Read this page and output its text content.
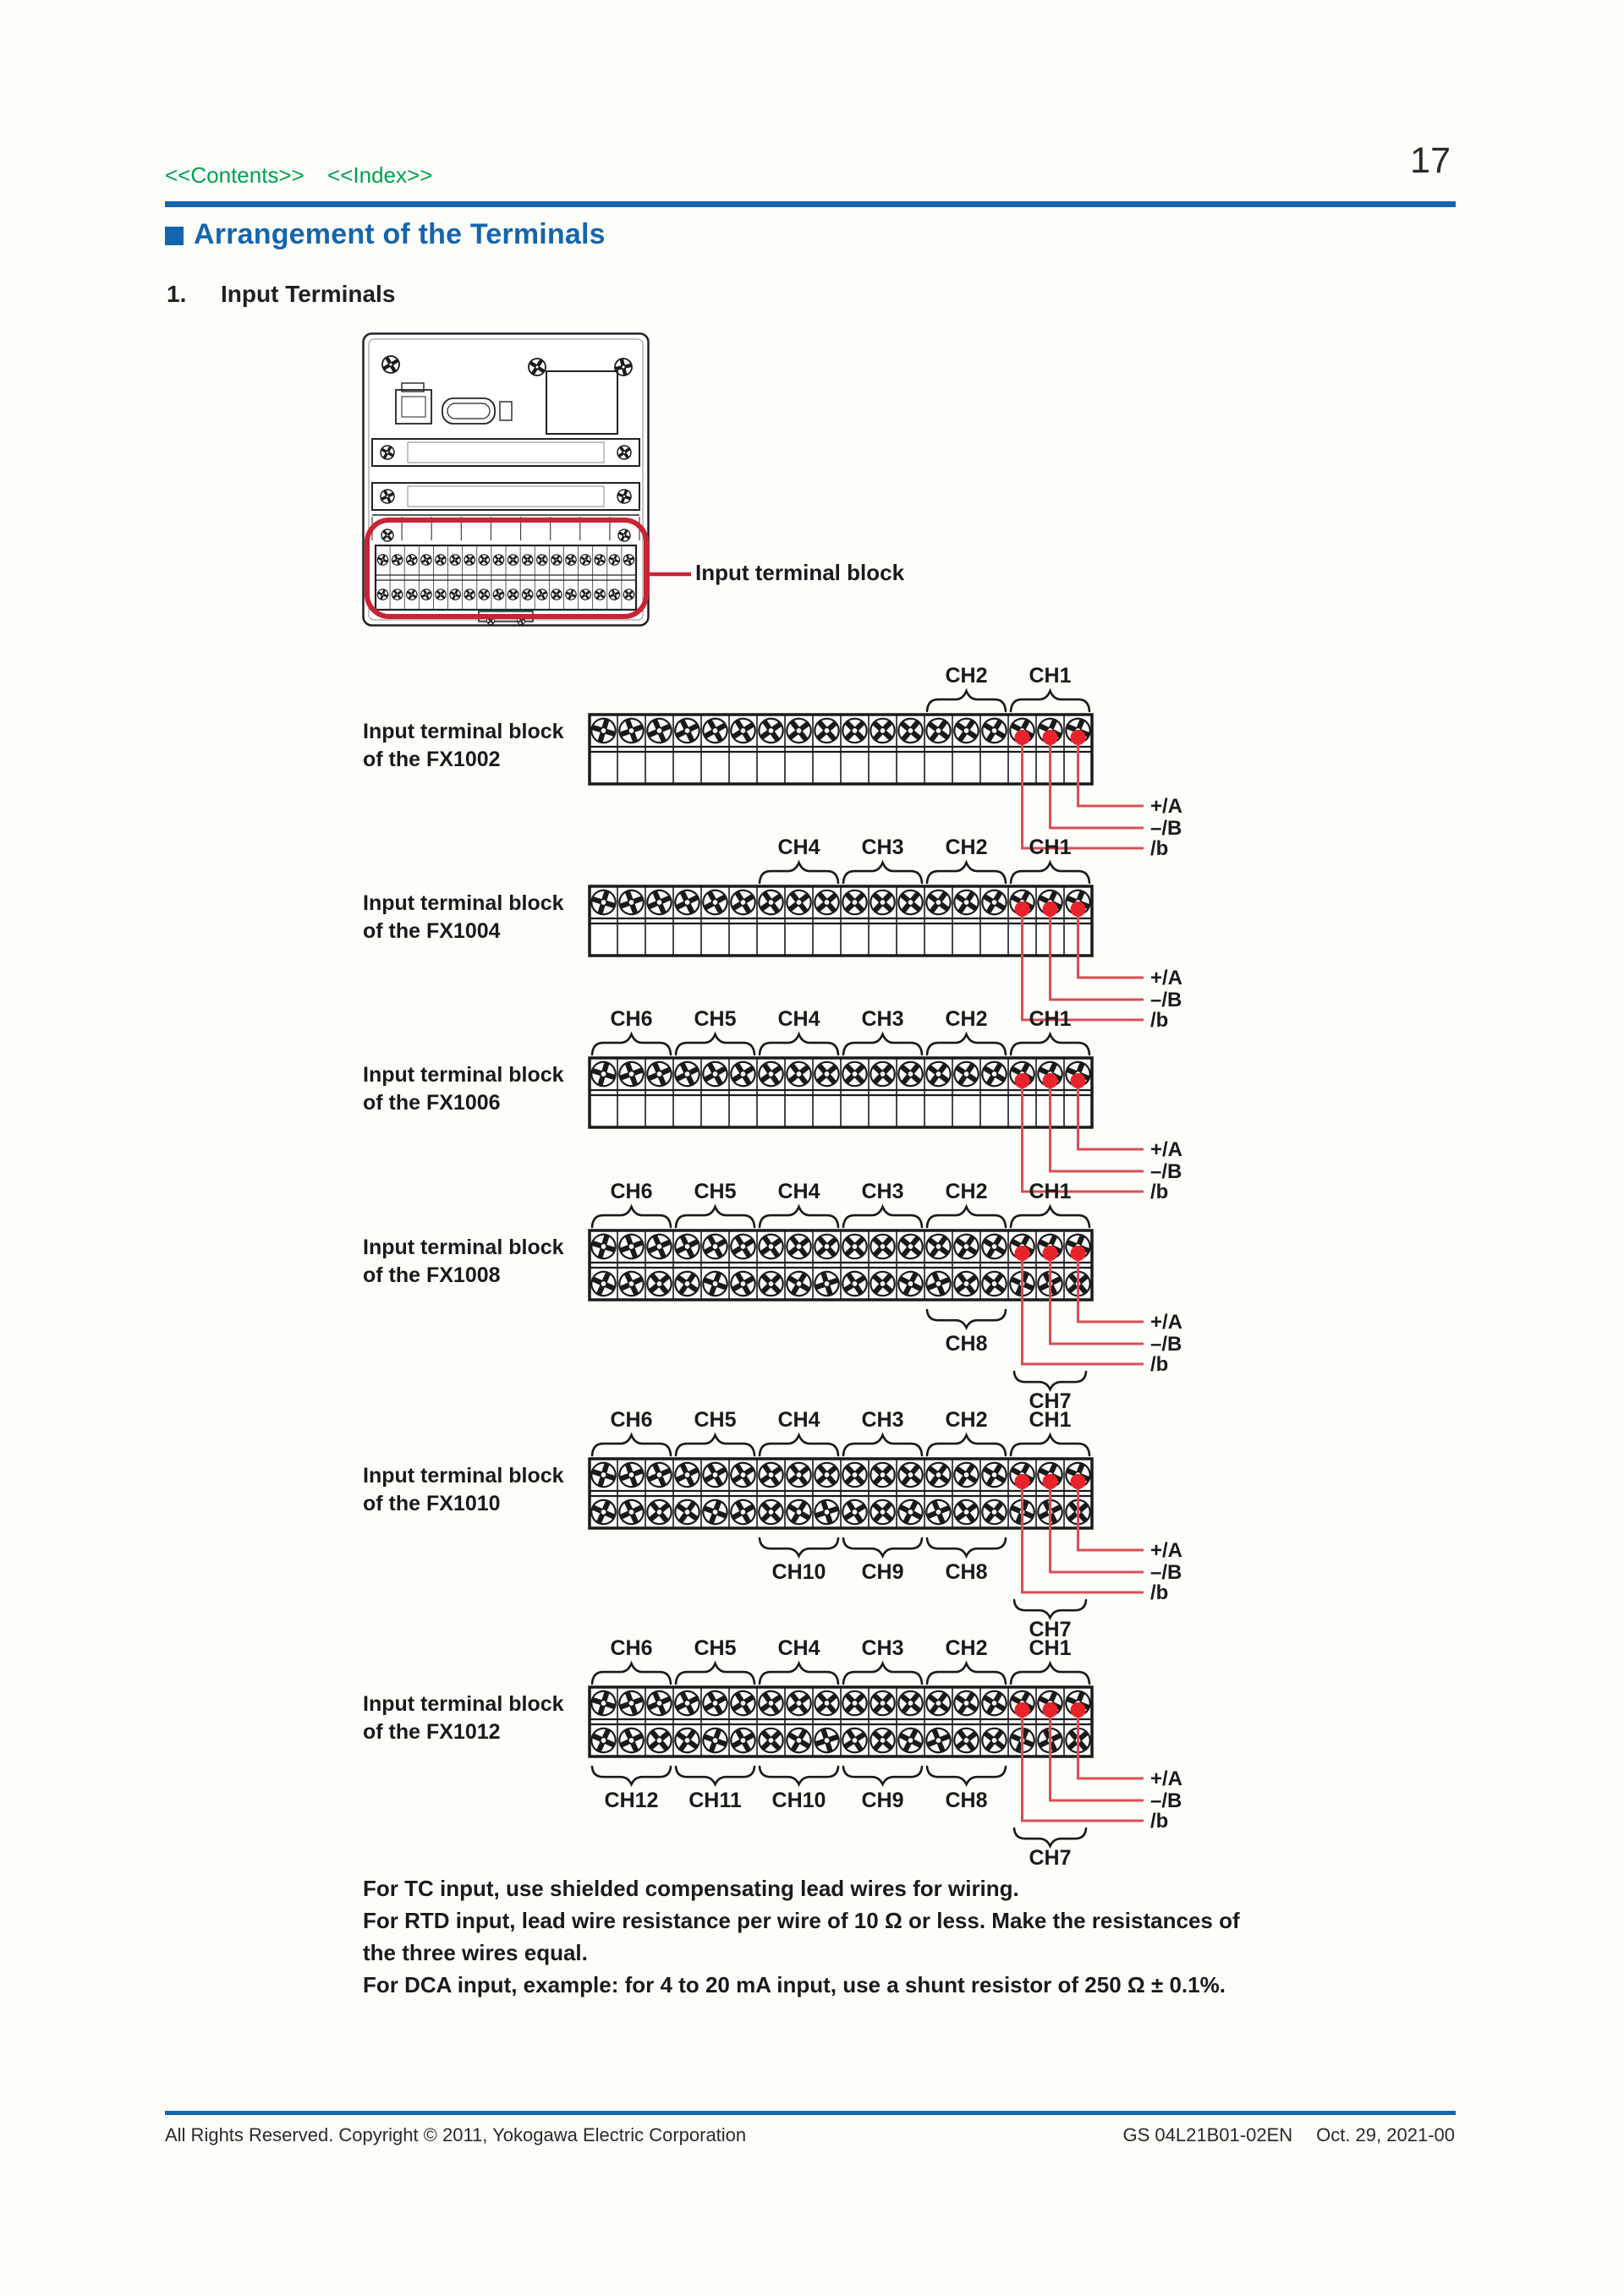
<<Contents>> <<Index>>	17
Arrangement of the Terminals
1. Input Terminals
CH2 CH1
+/A
–/B
/b
CH4 CH3 CH2 CH1
+/A
–/B
/b
CH6 CH5 CH4 CH3 CH2 CH1
+/A
–/B
/b
CH6 CH5 CH4 CH3 CH2 CH1
CH8
CH7
+/A
–/B
/b
CH6 CH5 CH4 CH3 CH2 CH1
CH10 CH9 CH8
CH7
+/A
–/B
/b
CH6 CH5 CH4 CH3 CH2 CH1
CH12 CH11 CH10 CH9 CH8
CH7
+/A
–/B
/b
Input terminal block
Input terminal block
of the FX1002
Input terminal block
of the FX1004
Input terminal block
of the FX1006
Input terminal block
of the FX1008
Input terminal block
of the FX1010
Input terminal block
of the FX1012
For TC input, use shielded compensating lead wires for wiring.
For RTD input, lead wire resistance per wire of 10 Ω or less. Make the resistances of
the three wires equal.
For DCA input, example: for 4 to 20 mA input, use a shunt resistor of 250 Ω ± 0.1%.
All Rights Reserved. Copyright © 2011, Yokogawa Electric Corporation	GS 04L21B01-02EN Oct. 29, 2021-00
